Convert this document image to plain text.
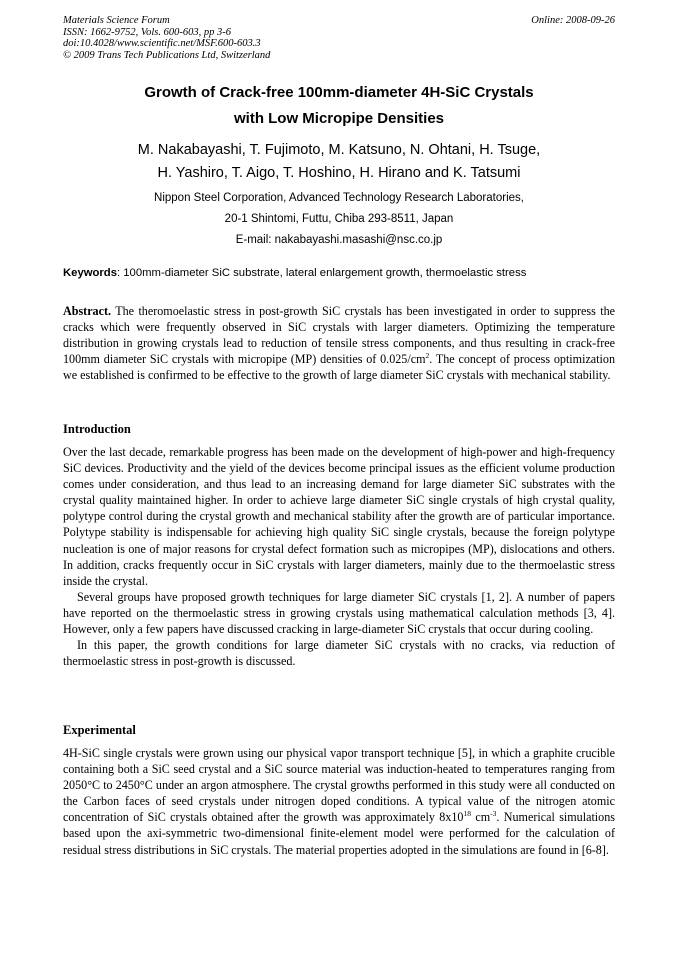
Materials Science Forum
ISSN: 1662-9752, Vols. 600-603, pp 3-6
doi:10.4028/www.scientific.net/MSF.600-603.3
© 2009 Trans Tech Publications Ltd, Switzerland
Online: 2008-09-26
Growth of Crack-free 100mm-diameter 4H-SiC Crystals
with Low Micropipe Densities
M. Nakabayashi, T. Fujimoto, M. Katsuno, N. Ohtani, H. Tsuge,
H. Yashiro, T. Aigo, T. Hoshino, H. Hirano and K. Tatsumi
Nippon Steel Corporation, Advanced Technology Research Laboratories,
20-1 Shintomi, Futtu, Chiba 293-8511, Japan
E-mail: nakabayashi.masashi@nsc.co.jp
Keywords: 100mm-diameter SiC substrate, lateral enlargement growth, thermoelastic stress

Abstract. The theromoelastic stress in post-growth SiC crystals has been investigated in order to suppress the cracks which were frequently observed in SiC crystals with larger diameters. Optimizing the temperature distribution in growing crystals lead to reduction of tensile stress components, and thus resulting in crack-free 100mm diameter SiC crystals with micropipe (MP) densities of $0.025/cm^2$. The concept of process optimization we established is confirmed to be effective to the growth of large diameter SiC crystals with mechanical stability.

Introduction

Over the last decade, remarkable progress has been made on the development of high-power and high-frequency SiC devices. Productivity and the yield of the devices become principal issues as the efficient volume production comes under consideration, and thus lead to an increasing demand for large diameter SiC substrates with the crystal quality maintained higher. In order to achieve large diameter SiC single crystals of high crystal quality, polytype control during the crystal growth and mechanical stability after the growth are of particular importance. Polytype stability is indispensable for achieving high quality SiC single crystals, because the foreign polytype nucleation is one of major reasons for crystal defect formation such as micropipes (MP), dislocations and others. In addition, cracks frequently occur in SiC crystals with larger diameters, mainly due to the thermoelastic stress inside the crystal.

Several groups have proposed growth techniques for large diameter SiC crystals [1, 2]. A number of papers have reported on the thermoelastic stress in growing crystals using mathematical calculation methods [3, 4]. However, only a few papers have discussed cracking in large-diameter SiC crystals that occur during cooling.

In this paper, the growth conditions for large diameter SiC crystals with no cracks, via reduction of thermoelastic stress in post-growth is discussed.

Experimental

4H-SiC single crystals were grown using our physical vapor transport technique [5], in which a graphite crucible containing both a SiC seed crystal and a SiC source material was induction-heated to temperatures ranging from 2050°C to 2450°C under an argon atmosphere. The crystal growths performed in this study were all conducted on the Carbon faces of seed crystals under nitrogen doped conditions. A typical value of the nitrogen atomic concentration of SiC crystals obtained after the growth was approximately $8x10^{18}$ $cm^{-3}$. Numerical simulations based upon the axi-symmetric two-dimensional finite-element model were performed for the calculation of residual stress distributions in SiC crystals. The material properties adopted in the simulations are found in [6-8].
